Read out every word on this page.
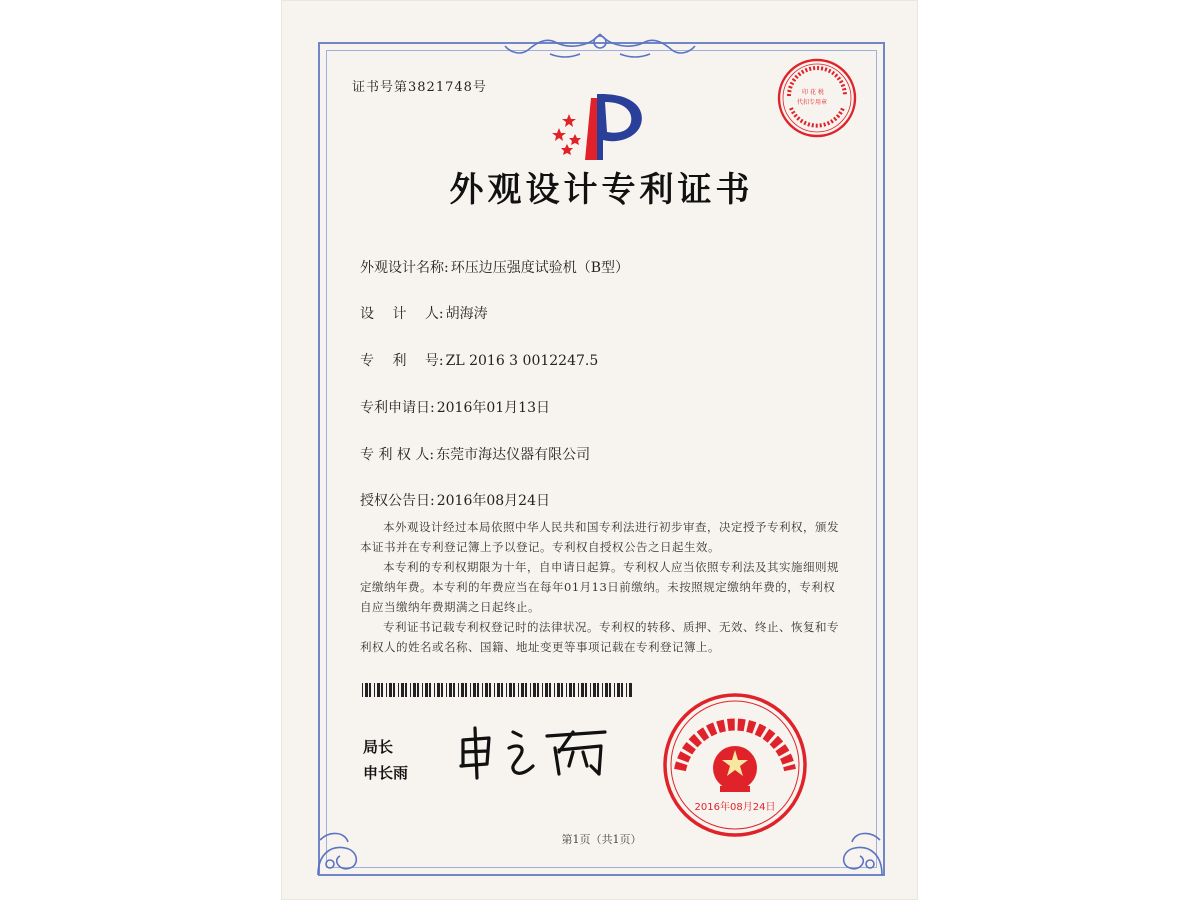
证书号第3821748号
外观设计专利证书
外观设计名称: 环压边压强度试验机（B型）
设　 计　 人: 胡海涛
专　 利　 号: ZL 2016 3 0012247.5
专利申请日: 2016年01月13日
专 利 权 人: 东莞市海达仪器有限公司
授权公告日: 2016年08月24日
本外观设计经过本局依照中华人民共和国专利法进行初步审查，决定授予专利权，颁发本证书并在专利登记簿上予以登记。专利权自授权公告之日起生效。
本专利的专利权期限为十年，自申请日起算。专利权人应当依照专利法及其实施细则规定缴纳年费。本专利的年费应当在每年01月13日前缴纳。未按照规定缴纳年费的，专利权自应当缴纳年费期满之日起终止。
专利证书记载专利权登记时的法律状况。专利权的转移、质押、无效、终止、恢复和专利权人的姓名或名称、国籍、地址变更等事项记载在专利登记簿上。
局长
申长雨
印 花 税
代扣专用章
2016年08月24日
第1页（共1页）
